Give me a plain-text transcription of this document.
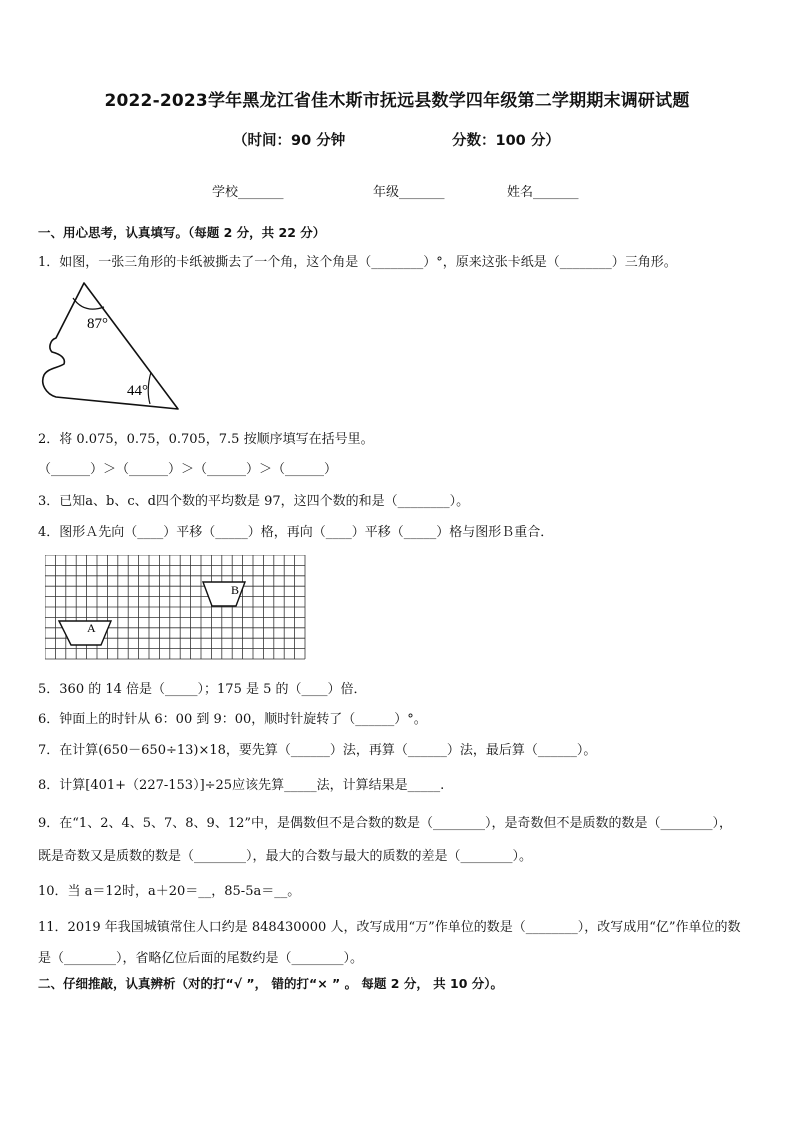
2022-2023学年黑龙江省佳木斯市抚远县数学四年级第二学期期末调研试题
（时间：90 分钟	分数：100 分）
学校_______	年级_______	姓名_______
一、用心思考，认真填写。（每题 2 分，共 22 分）
1．如图，一张三角形的卡纸被撕去了一个角，这个角是（________）°，原来这张卡纸是（________）三角形。
87°
44°
2．将 0.075，0.75，0.705，7.5 按顺序填写在括号里。
（______）＞（______）＞（______）＞（______）
3．已知a、b、c、d四个数的平均数是 97，这四个数的和是（________）。
4．图形Ａ先向（____）平移（_____）格，再向（____）平移（_____）格与图形Ｂ重合．
B
A
5．360 的 14 倍是（_____）；175 是 5 的（____）倍．
6．钟面上的时针从 6：00 到 9：00，顺时针旋转了（______）°。
7．在计算(650－650÷13)×18，要先算（______）法，再算（______）法，最后算（______）。
8．计算[401+（227-153）]÷25应该先算_____法，计算结果是_____.
9．在“1、2、4、5、7、8、9、12”中，是偶数但不是合数的数是（________），是奇数但不是质数的数是（________），
既是奇数又是质数的数是（________），最大的合数与最大的质数的差是（________）。
10．当 a＝12时，a＋20＝__，85-5a＝__。
11．2019 年我国城镇常住人口约是 848430000 人，改写成用“万”作单位的数是（________），改写成用“亿”作单位的数
是（________），省略亿位后面的尾数约是（________）。
二、仔细推敲，认真辨析（对的打“√ ”， 错的打“× ” 。 每题 2 分， 共 10 分）。
